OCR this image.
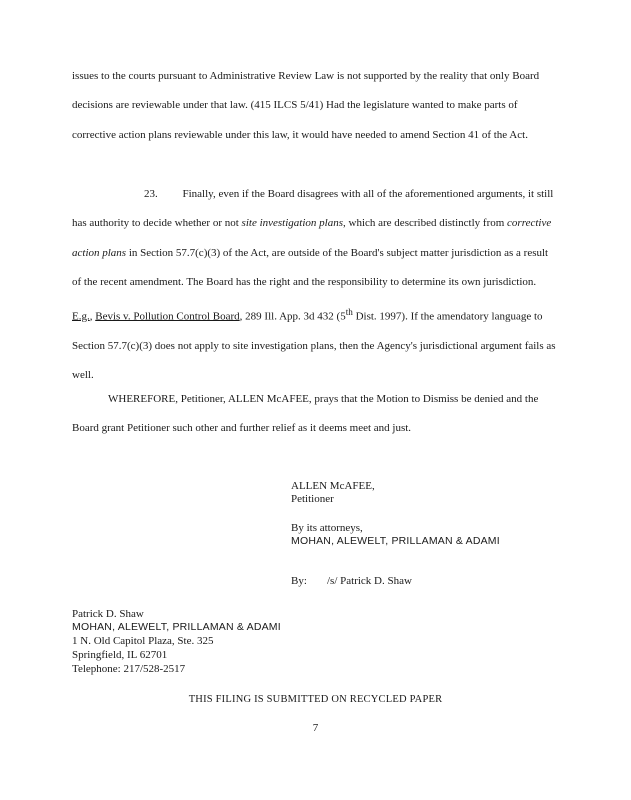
issues to the courts pursuant to Administrative Review Law is not supported by the reality that only Board decisions are reviewable under that law. (415 ILCS 5/41) Had the legislature wanted to make parts of corrective action plans reviewable under this law, it would have needed to amend Section 41 of the Act.

23. Finally, even if the Board disagrees with all of the aforementioned arguments, it still has authority to decide whether or not site investigation plans, which are described distinctly from corrective action plans in Section 57.7(c)(3) of the Act, are outside of the Board's subject matter jurisdiction as a result of the recent amendment. The Board has the right and the responsibility to determine its own jurisdiction. E.g., Bevis v. Pollution Control Board, 289 Ill. App. 3d 432 (5th Dist. 1997). If the amendatory language to Section 57.7(c)(3) does not apply to site investigation plans, then the Agency's jurisdictional argument fails as well.

WHEREFORE, Petitioner, ALLEN McAFEE, prays that the Motion to Dismiss be denied and the Board grant Petitioner such other and further relief as it deems meet and just.

ALLEN McAFEE,
Petitioner
By its attorneys,
MOHAN, ALEWELT, PRILLAMAN & ADAMI
By: /s/ Patrick D. Shaw
Patrick D. Shaw
MOHAN, ALEWELT, PRILLAMAN & ADAMI
1 N. Old Capitol Plaza, Ste. 325
Springfield, IL 62701
Telephone: 217/528-2517
THIS FILING IS SUBMITTED ON RECYCLED PAPER
7
